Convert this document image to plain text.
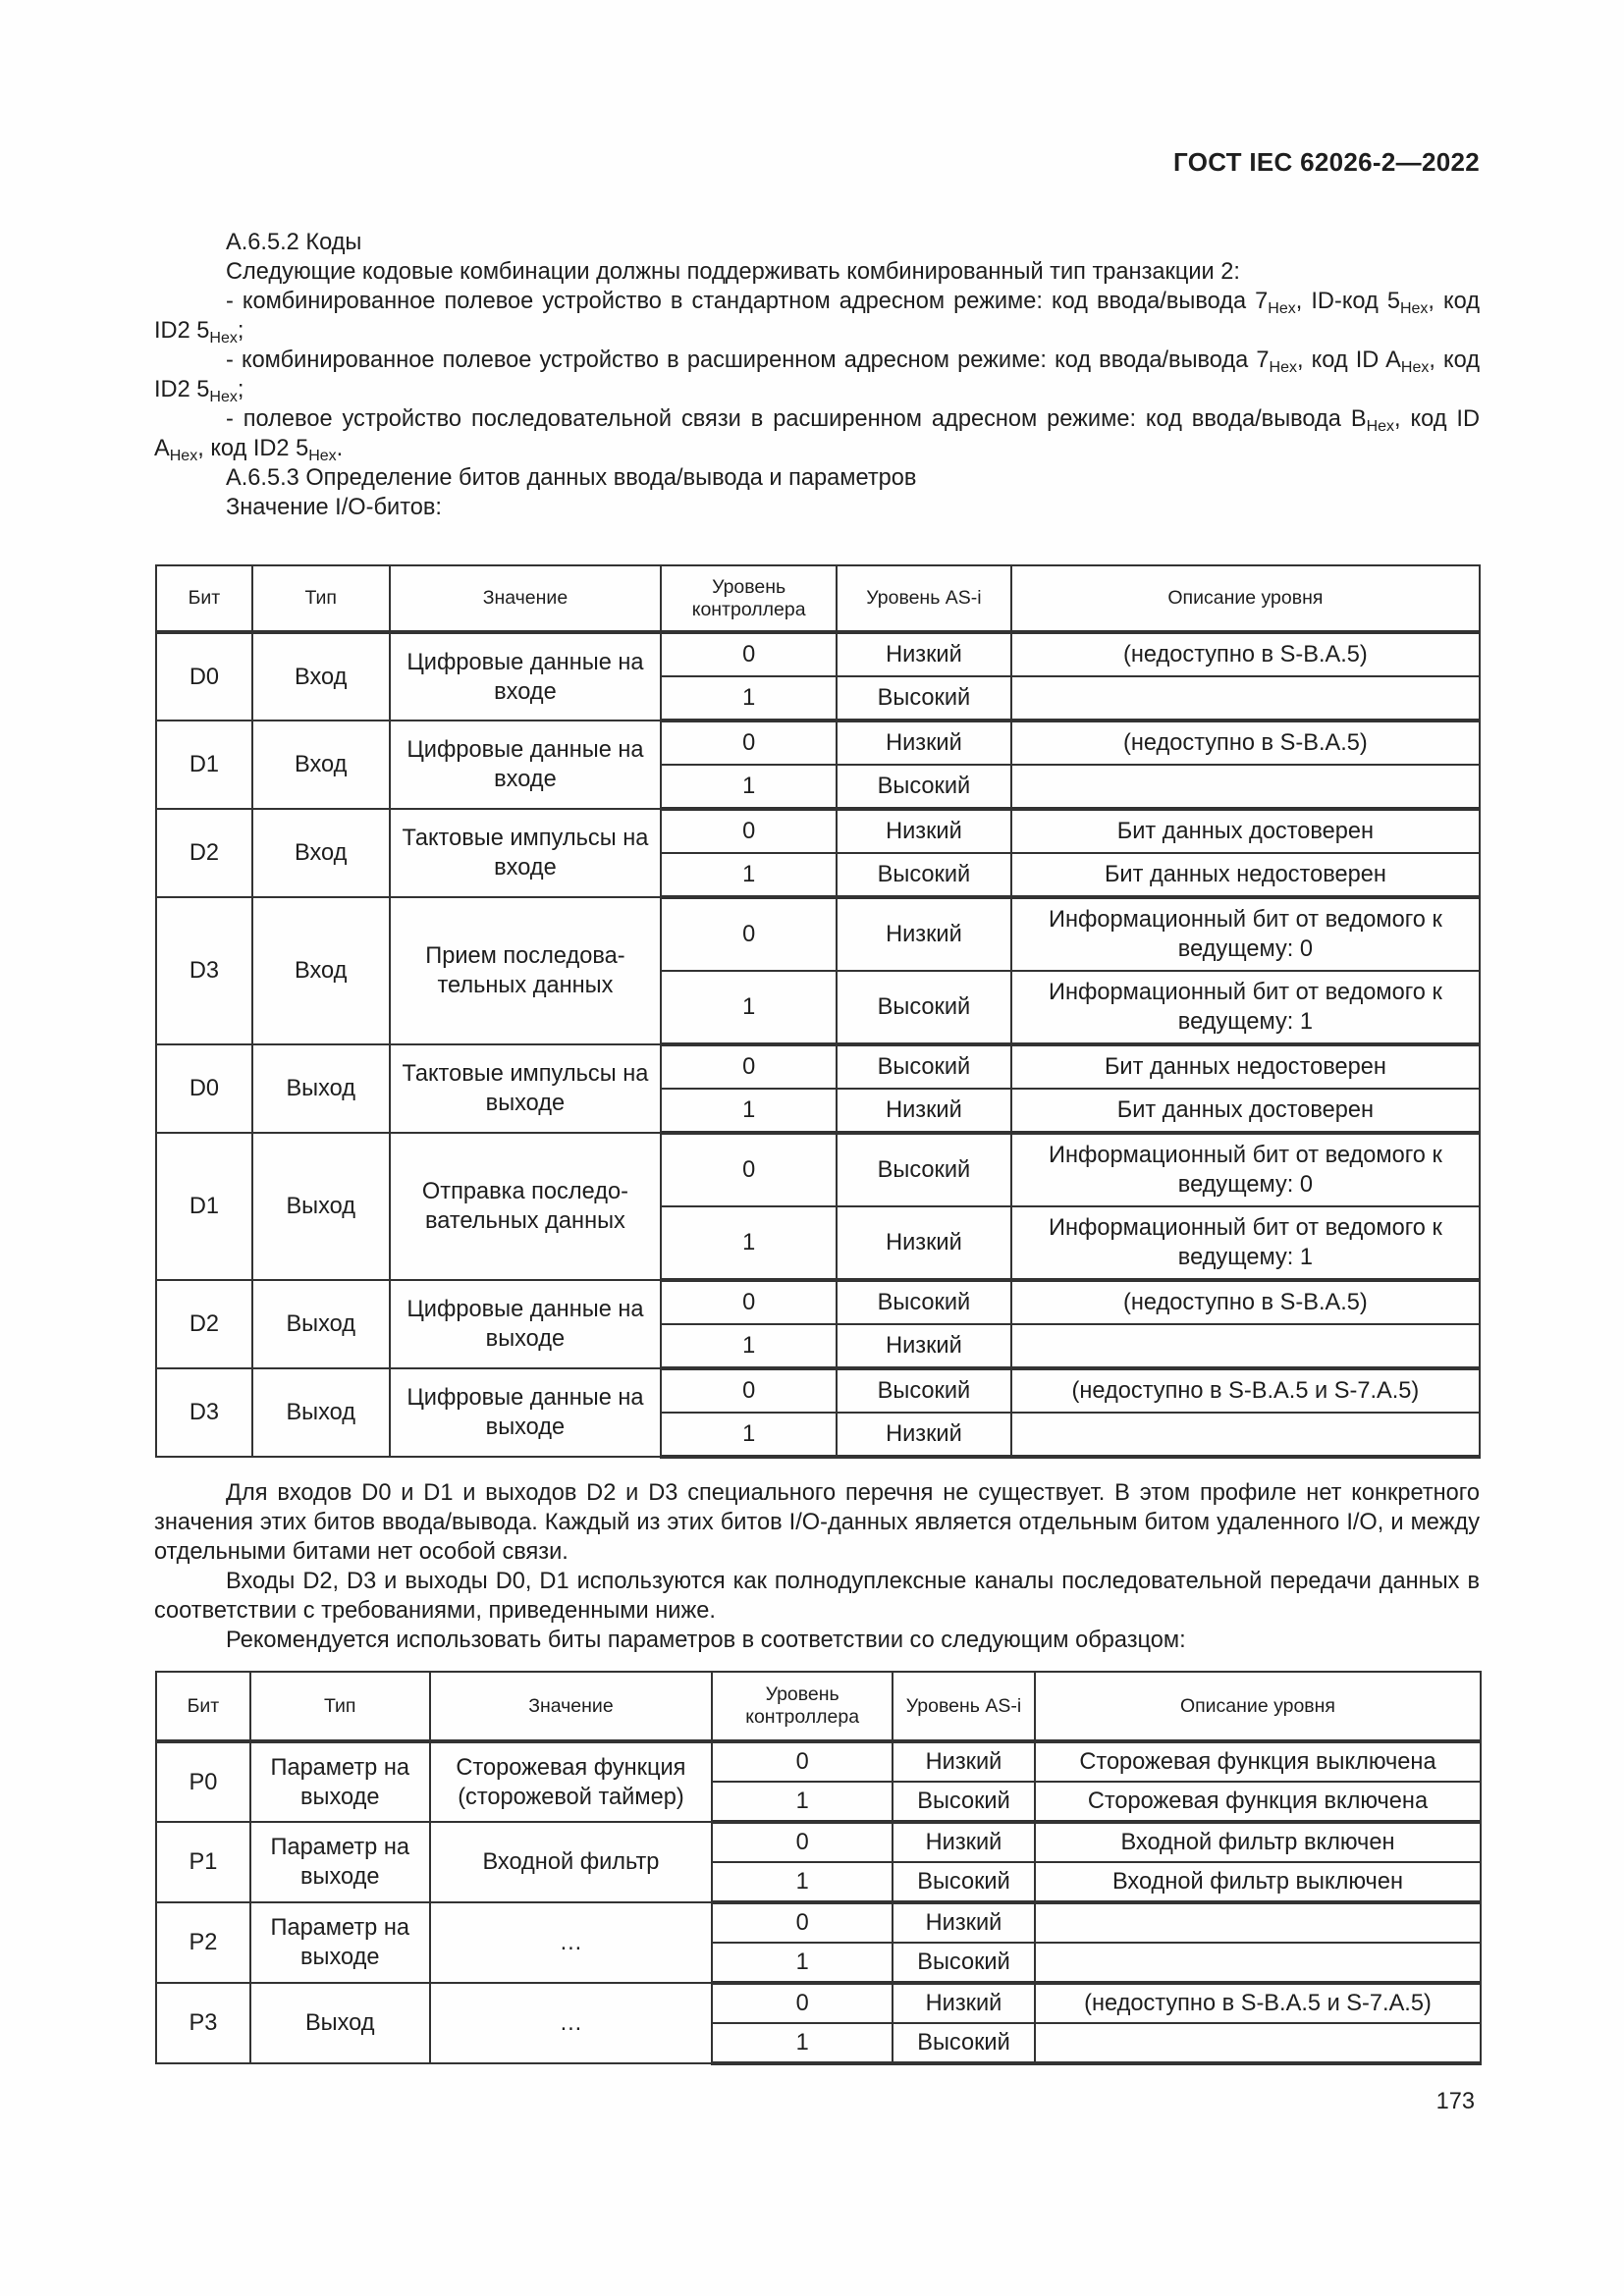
ГОСТ IEC 62026-2—2022

А.6.5.2 Коды

Следующие кодовые комбинации должны поддерживать комбинированный тип транзакции 2:

- комбинированное полевое устройство в стандартном адресном режиме: код ввода/вывода $7_{Hex}$, ID-код $5_{Hex}$, код ID2 $5_{Hex}$;

- комбинированное полевое устройство в расширенном адресном режиме: код ввода/вывода $7_{Hex}$, код ID $A_{Hex}$, код ID2 $5_{Hex}$;

- полевое устройство последовательной связи в расширенном адресном режиме: код ввода/вывода $B_{Hex}$, код ID $A_{Hex}$, код ID2 $5_{Hex}$.

А.6.5.3 Определение битов данных ввода/вывода и параметров

Значение I/O-битов:

Бит	Тип	Значение	Уровень контроллера	Уровень AS-i	Описание уровня
D0	Вход	Цифровые данные на входе	0	Низкий	(недоступно в S-B.A.5)
			1	Высокий	
D1	Вход	Цифровые данные на входе	0	Низкий	(недоступно в S-B.A.5)
			1	Высокий	
D2	Вход	Тактовые импульсы на входе	0	Низкий	Бит данных достоверен
			1	Высокий	Бит данных недостоверен
D3	Вход	Прием последова-тельных данных	0	Низкий	Информационный бит от ведомого к ведущему: 0
			1	Высокий	Информационный бит от ведомого к ведущему: 1
D0	Выход	Тактовые импульсы на выходе	0	Высокий	Бит данных недостоверен
			1	Низкий	Бит данных достоверен
D1	Выход	Отправка последо-вательных данных	0	Высокий	Информационный бит от ведомого к ведущему: 0
			1	Низкий	Информационный бит от ведомого к ведущему: 1
D2	Выход	Цифровые данные на выходе	0	Высокий	(недоступно в S-B.A.5)
			1	Низкий	
D3	Выход	Цифровые данные на выходе	0	Высокий	(недоступно в S-B.A.5 и S-7.A.5)
			1	Низкий	

Для входов D0 и D1 и выходов D2 и D3 специального перечня не существует. В этом профиле нет конкретного значения этих битов ввода/вывода. Каждый из этих битов I/O-данных является отдельным битом удаленного I/O, и между отдельными битами нет особой связи.

Входы D2, D3 и выходы D0, D1 используются как полнодуплексные каналы последовательной передачи данных в соответствии с требованиями, приведенными ниже.

Рекомендуется использовать биты параметров в соответствии со следующим образцом:

Бит	Тип	Значение	Уровень контроллера	Уровень AS-i	Описание уровня
P0	Параметр на выходе	Сторожевая функция (сторожевой таймер)	0	Низкий	Сторожевая функция выключена
			1	Высокий	Сторожевая функция включена
P1	Параметр на выходе	Входной фильтр	0	Низкий	Входной фильтр включен
			1	Высокий	Входной фильтр выключен
P2	Параметр на выходе	…	0	Низкий	
			1	Высокий	
P3	Выход	…	0	Низкий	(недоступно в S-B.A.5 и S-7.A.5)
			1	Высокий	
173
